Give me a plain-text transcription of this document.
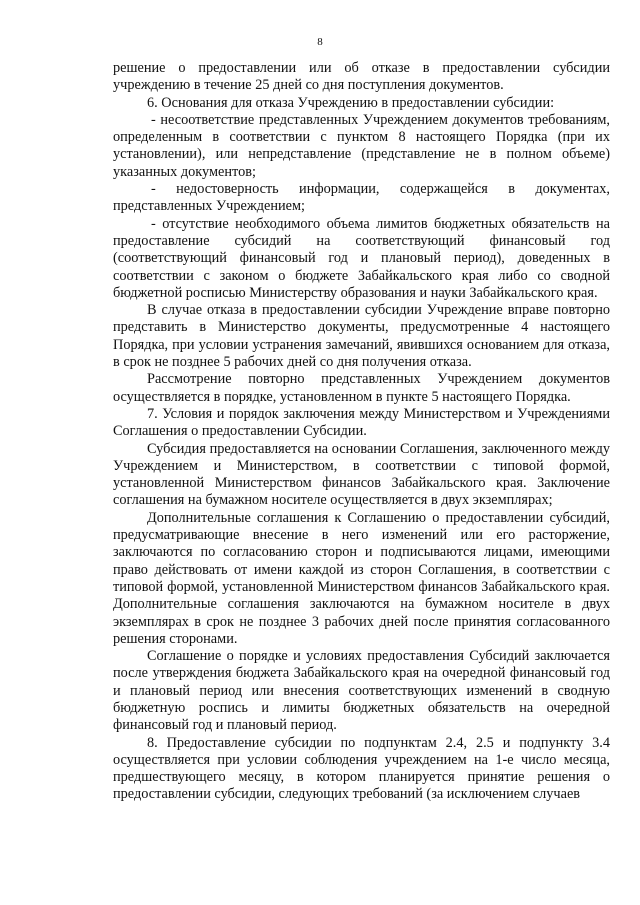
8

решение о предоставлении или об отказе в предоставлении субсидии учреждению в течение 25 дней со дня поступления документов.

6. Основания для отказа Учреждению в предоставлении субсидии:

- несоответствие представленных Учреждением документов требованиям, определенным в соответствии с пунктом 8 настоящего Порядка (при их установлении), или непредставление (представление не в полном объеме) указанных документов;

- недостоверность информации, содержащейся в документах, представленных Учреждением;

- отсутствие необходимого объема лимитов бюджетных обязательств на предоставление субсидий на соответствующий финансовый год (соответствующий финансовый год и плановый период), доведенных в соответствии с законом о бюджете Забайкальского края либо со сводной бюджетной росписью Министерству образования и науки Забайкальского края.

В случае отказа в предоставлении субсидии Учреждение вправе повторно представить в Министерство документы, предусмотренные 4 настоящего Порядка, при условии устранения замечаний, явившихся основанием для отказа, в срок не позднее 5 рабочих дней со дня получения отказа.

Рассмотрение повторно представленных Учреждением документов осуществляется в порядке, установленном в пункте 5 настоящего Порядка.

7. Условия и порядок заключения между Министерством и Учреждениями Соглашения о предоставлении Субсидии.

Субсидия предоставляется на основании Соглашения, заключенного между Учреждением и Министерством, в соответствии с типовой формой, установленной Министерством финансов Забайкальского края. Заключение соглашения на бумажном носителе осуществляется в двух экземплярах;

Дополнительные соглашения к Соглашению о предоставлении субсидий, предусматривающие внесение в него изменений или его расторжение, заключаются по согласованию сторон и подписываются лицами, имеющими право действовать от имени каждой из сторон Соглашения, в соответствии с типовой формой, установленной Министерством финансов Забайкальского края. Дополнительные соглашения заключаются на бумажном носителе в двух экземплярах в срок не позднее 3 рабочих дней после принятия согласованного решения сторонами.

Соглашение о порядке и условиях предоставления Субсидий заключается после утверждения бюджета Забайкальского края на очередной финансовый год и плановый период или внесения соответствующих изменений в сводную бюджетную роспись и лимиты бюджетных обязательств на очередной финансовый год и плановый период.

8. Предоставление субсидии по подпунктам 2.4, 2.5 и подпункту 3.4 осуществляется при условии соблюдения учреждением на 1-е число месяца, предшествующего месяцу, в котором планируется принятие решения о предоставлении субсидии, следующих требований (за исключением случаев
